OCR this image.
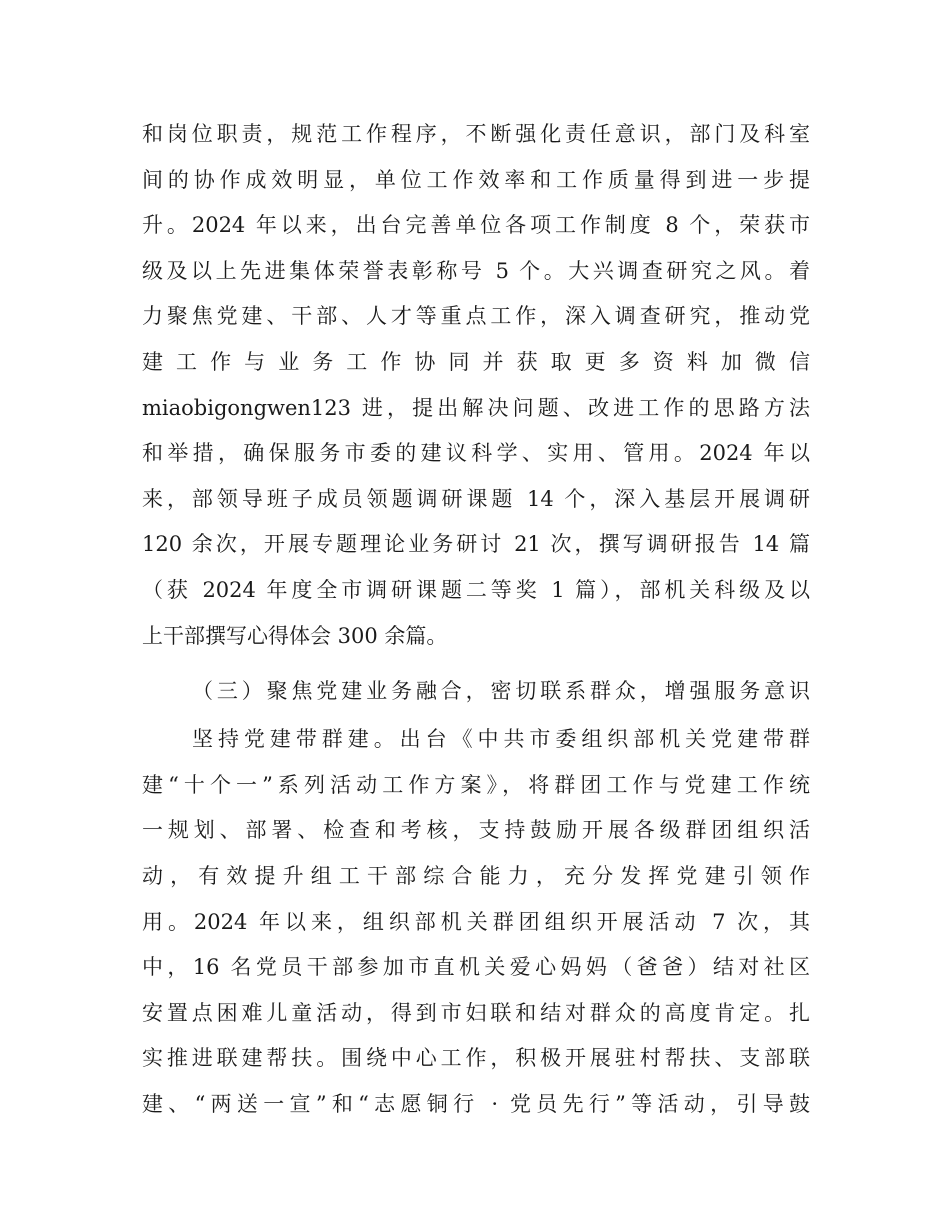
和岗位职责，规范工作程序，不断强化责任意识，部门及科室
间的协作成效明显，单位工作效率和工作质量得到进一步提
升。2024 年以来，出台完善单位各项工作制度 8 个，荣获市
级及以上先进集体荣誉表彰称号 5 个。大兴调查研究之风。着
力聚焦党建、干部、人才等重点工作，深入调查研究，推动党
建 工 作 与 业 务 工 作 协 同 并 获 取 更 多 资 料 加 微 信
miaobigongwen123 进，提出解决问题、改进工作的思路方法
和举措，确保服务市委的建议科学、实用、管用。2024 年以
来，部领导班子成员领题调研课题 14 个，深入基层开展调研
120 余次，开展专题理论业务研讨 21 次，撰写调研报告 14 篇
（获 2024 年度全市调研课题二等奖 1 篇），部机关科级及以
上干部撰写心得体会 300 余篇。
（三）聚焦党建业务融合，密切联系群众，增强服务意识
坚持党建带群建。出台《中共市委组织部机关党建带群
建“十个一”系列活动工作方案》，将群团工作与党建工作统
一规划、部署、检查和考核，支持鼓励开展各级群团组织活
动，有效提升组工干部综合能力，充分发挥党建引领作
用。2024 年以来，组织部机关群团组织开展活动 7 次，其
中，16 名党员干部参加市直机关爱心妈妈（爸爸）结对社区
安置点困难儿童活动，得到市妇联和结对群众的高度肯定。扎
实推进联建帮扶。围绕中心工作，积极开展驻村帮扶、支部联
建、“两送一宣”和“志愿铜行 · 党员先行”等活动，引导鼓
